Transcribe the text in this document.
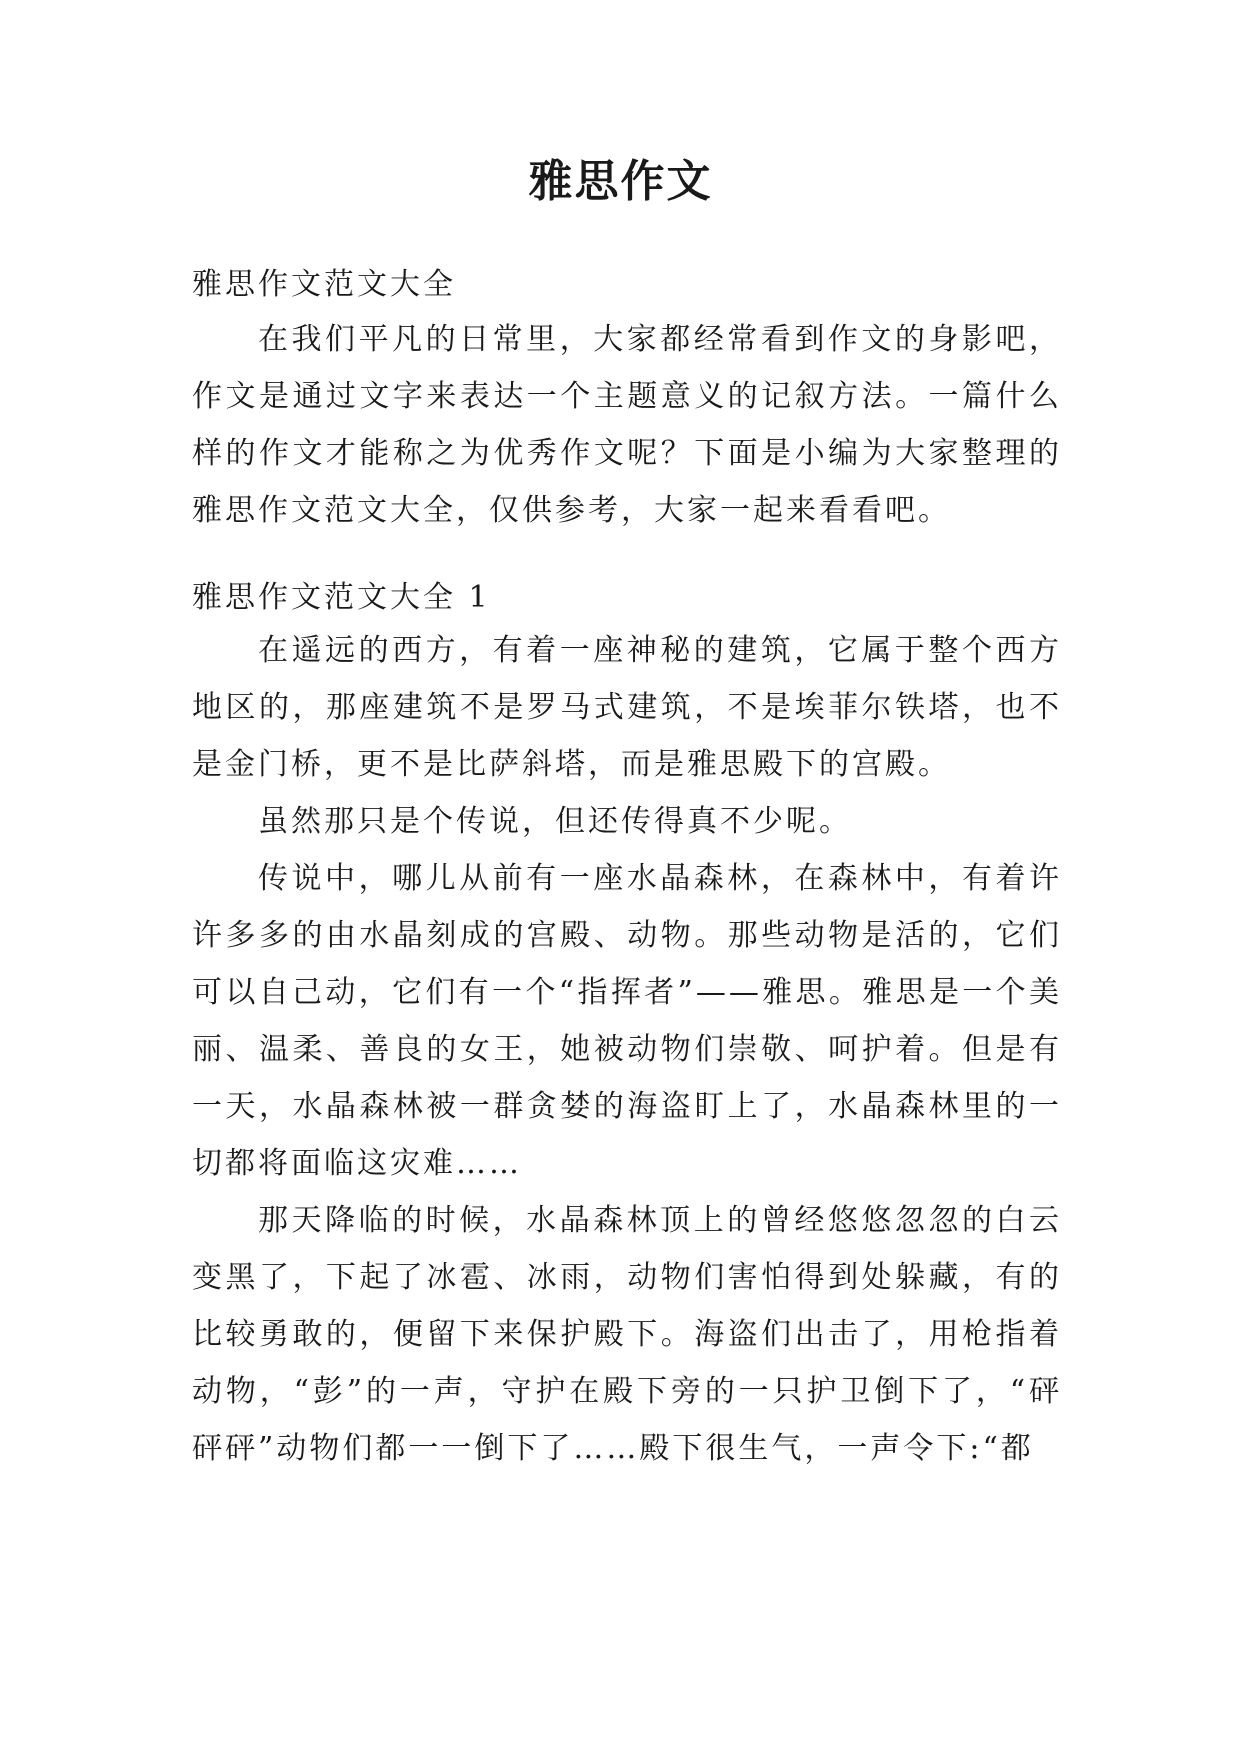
雅思作文
雅思作文范文大全

在我们平凡的日常里，大家都经常看到作文的身影吧，作文是通过文字来表达一个主题意义的记叙方法。一篇什么样的作文才能称之为优秀作文呢？下面是小编为大家整理的雅思作文范文大全，仅供参考，大家一起来看看吧。

雅思作文范文大全 1

在遥远的西方，有着一座神秘的建筑，它属于整个西方地区的，那座建筑不是罗马式建筑，不是埃菲尔铁塔，也不是金门桥，更不是比萨斜塔，而是雅思殿下的宫殿。

虽然那只是个传说，但还传得真不少呢。

传说中，哪儿从前有一座水晶森林，在森林中，有着许许多多的由水晶刻成的宫殿、动物。那些动物是活的，它们可以自己动，它们有一个“指挥者”——雅思。雅思是一个美丽、温柔、善良的女王，她被动物们崇敬、呵护着。但是有一天，水晶森林被一群贪婪的海盗盯上了，水晶森林里的一切都将面临这灾难……

那天降临的时候，水晶森林顶上的曾经悠悠忽忽的白云变黑了，下起了冰雹、冰雨，动物们害怕得到处躲藏，有的比较勇敢的，便留下来保护殿下。海盗们出击了，用枪指着动物，“彭”的一声，守护在殿下旁的一只护卫倒下了，“砰砰砰”动物们都一一倒下了……殿下很生气，一声令下:“都
